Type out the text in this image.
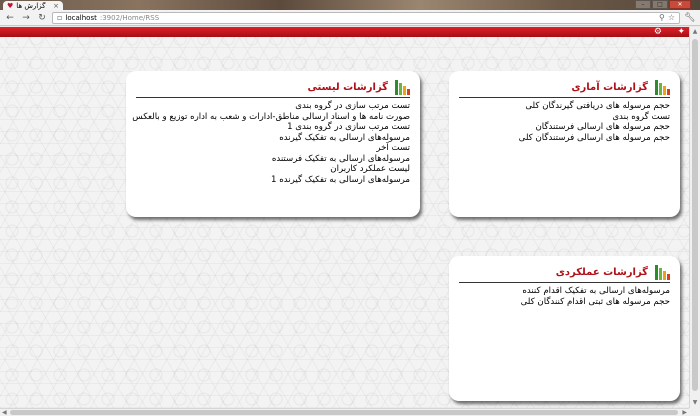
♥ گزارش ها	×	–	□	✕
← → ↻ ▫ localhost :3902/Home/RSS	⚲ ☆ 🔧︎
⚙ ✦
گزارشات آماری
حجم مرسوله های دریافتی گیرندگان کلی
تست گروه بندی
حجم مرسوله های ارسالی فرستندگان
حجم مرسوله های ارسالی فرستندگان کلی
گزارشات لیستی
تست مرتب سازی در گروه بندی
صورت نامه ها و اسناد ارسالی مناطق-ادارات و شعب به اداره توزیع و بالعکس
تست مرتب سازی در گروه بندی 1
مرسوله‌های ارسالی به تفکیک گیرنده
تست آخر
مرسوله‌های ارسالی به تفکیک فرستنده
لیست عملکرد کاربران
مرسوله‌های ارسالی به تفکیک گیرنده 1
گزارشات عملکردی
مرسوله‌های ارسالی به تفکیک اقدام کننده
حجم مرسوله های ثبتی اقدام کنندگان کلی
▲
▼
◀	▶
